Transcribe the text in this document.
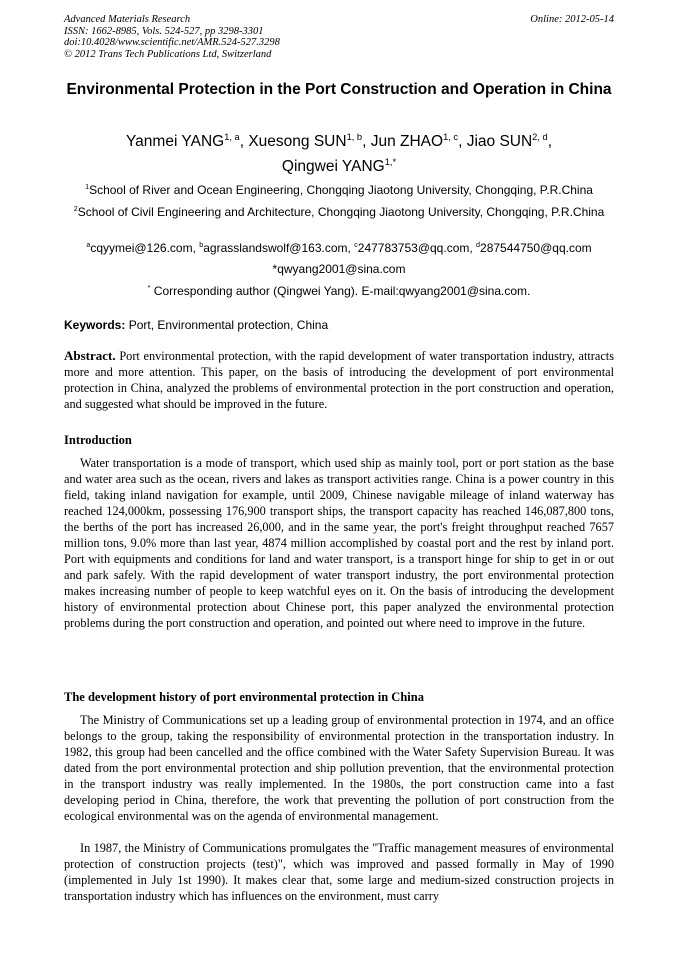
Advanced Materials Research
ISSN: 1662-8985, Vols. 524-527, pp 3298-3301
doi:10.4028/www.scientific.net/AMR.524-527.3298
© 2012 Trans Tech Publications Ltd, Switzerland
Online: 2012-05-14
Environmental Protection in the Port Construction and Operation in China
Yanmei YANG$^{1, a}$, Xuesong SUN$^{1, b}$, Jun ZHAO$^{1, c}$, Jiao SUN$^{2, d}$,
Qingwei $YANG^{1,*}$
$^1$School of River and Ocean Engineering, Chongqing Jiaotong University, Chongqing, P.R.China
$^2$School of Civil Engineering and Architecture, Chongqing Jiaotong University, Chongqing, P.R.China
$^a$cqyymei@126.com, $^b$agrasslandswolf@163.com, $^c$247783753@qq.com, $^d$287544750@qq.com
*qwyang2001@sina.com
* Corresponding author (Qingwei Yang). E-mail:qwyang2001@sina.com.
Keywords: Port, Environmental protection, China
Abstract. Port environmental protection, with the rapid development of water transportation industry, attracts more and more attention. This paper, on the basis of introducing the development of port environmental protection in China, analyzed the problems of environmental protection in the port construction and operation, and suggested what should be improved in the future.
Introduction
Water transportation is a mode of transport, which used ship as mainly tool, port or port station as the base and water area such as the ocean, rivers and lakes as transport activities range. China is a power country in this field, taking inland navigation for example, until 2009, Chinese navigable mileage of inland waterway has reached 124,000km, possessing 176,900 transport ships, the transport capacity has reached 146,087,800 tons, the berths of the port has increased 26,000, and in the same year, the port's freight throughput reached 7657 million tons, 9.0% more than last year, 4874 million accomplished by coastal port and the rest by inland port. Port with equipments and conditions for land and water transport, is a transport hinge for ship to get in or out and park safely. With the rapid development of water transport industry, the port environmental protection makes increasing number of people to keep watchful eyes on it. On the basis of introducing the development history of environmental protection about Chinese port, this paper analyzed the environmental protection problems during the port construction and operation, and pointed out where need to improve in the future.
The development history of port environmental protection in China
The Ministry of Communications set up a leading group of environmental protection in 1974, and an office belongs to the group, taking the responsibility of environmental protection in the transportation industry. In 1982, this group had been cancelled and the office combined with the Water Safety Supervision Bureau. It was dated from the port environmental protection and ship pollution prevention, that the environmental protection in the transport industry was really implemented. In the 1980s, the port construction came into a fast developing period in China, therefore, the work that preventing the pollution of port construction from the ecological environmental was on the agenda of environmental management.
In 1987, the Ministry of Communications promulgates the "Traffic management measures of environmental protection of construction projects (test)", which was improved and passed formally in May of 1990 (implemented in July 1st 1990). It makes clear that, some large and medium-sized construction projects in transportation industry which has influences on the environment, must carry
